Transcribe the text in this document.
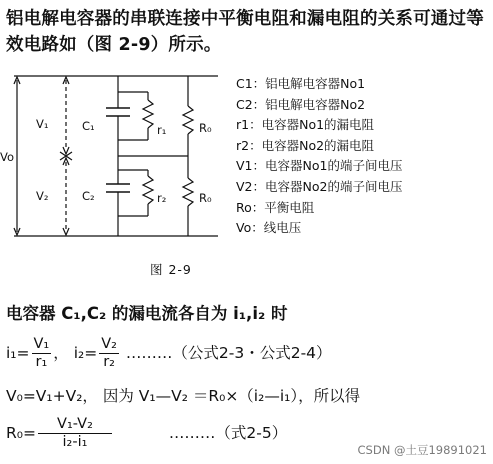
铝电解电容器的串联连接中平衡电阻和漏电阻的关系可通过等效电路如（图 2-9）所示。
Vo
V₁
V₂
C₁
C₂
r₁
r₂
R₀
R₀
C1：铝电解电容器No1
C2：铝电解电容器No2
r1：电容器No1的漏电阻
r2：电容器No2的漏电阻
V1：电容器No1的端子间电压
V2：电容器No2的端子间电压
Ro：平衡电阻
Vo：线电压
图 2-9
电容器 C₁,C₂ 的漏电流各自为 i₁,i₂ 时
$i_1= \frac{\text{V₁}}{\text{r₁}}$ ， $i_2= \frac{\text{V₂}}{\text{r₂}}$ ………（公式2-3・公式2-4）
V₀=V₁+V₂， 因为 V₁—V₂ ＝R₀×（i₂—i₁），所以得
$R_0= \frac{\text{V₁-V₂}}{\text{i₂-i₁}}$	………（式2-5）
CSDN @土豆19891021
